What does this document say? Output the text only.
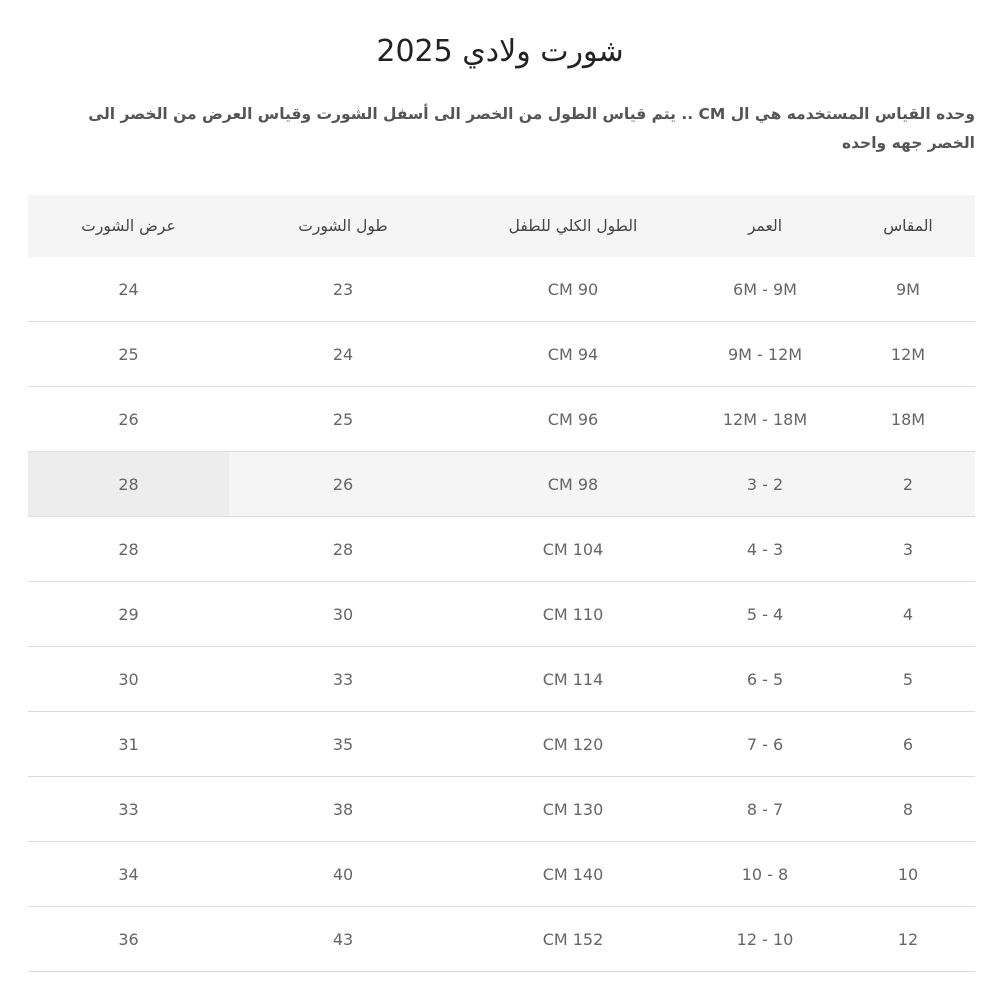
شورت ولادي 2025

وحده القياس المستخدمه هي ال CM .. يتم قياس الطول من الخصر الى أسفل الشورت وقياس العرض من الخصر الى الخصر جهه واحده

المقاس	العمر	الطول الكلي للطفل	طول الشورت	عرض الشورت
9M	6M - 9M	CM 90	23	24
12M	9M - 12M	CM 94	24	25
18M	12M - 18M	CM 96	25	26
2	3 - 2	CM 98	26	28
3	4 - 3	CM 104	28	28
4	5 - 4	CM 110	30	29
5	6 - 5	CM 114	33	30
6	7 - 6	CM 120	35	31
8	8 - 7	CM 130	38	33
10	10 - 8	CM 140	40	34
12	12 - 10	CM 152	43	36
